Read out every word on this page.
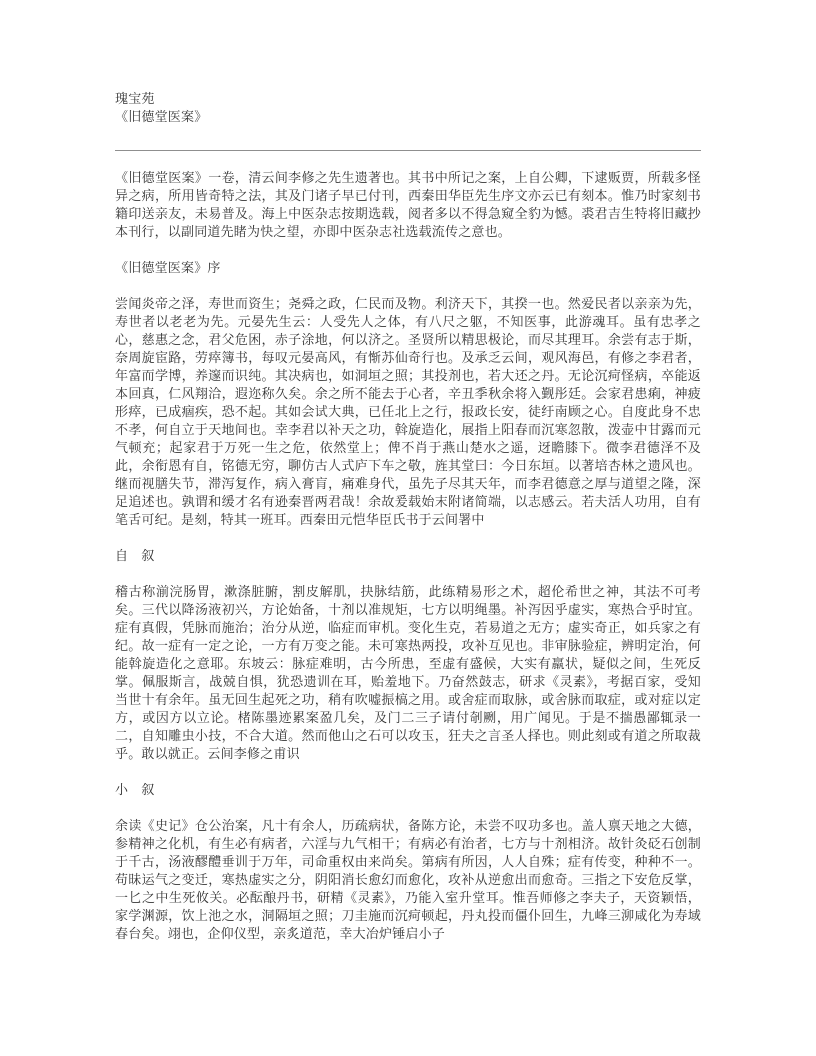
瑰宝苑
《旧德堂医案》
《旧德堂医案》一卷，清云间李修之先生遗著也。其书中所记之案，上自公卿，下逮贩贾，所载多怪异之病，所用皆奇特之法，其及门诸子早已付刊，西秦田华臣先生序文亦云已有刻本。惟乃时家刻书籍印送亲友，未易普及。海上中医杂志按期选载，阅者多以不得急窥全豹为憾。裘君吉生特将旧藏抄本刊行，以副同道先睹为快之望，亦即中医杂志社选载流传之意也。
《旧德堂医案》序
尝闻炎帝之泽，寿世而资生；尧舜之政，仁民而及物。利济天下，其揆一也。然爱民者以亲亲为先，寿世者以老老为先。元晏先生云：人受先人之体，有八尺之躯，不知医事，此游魂耳。虽有忠孝之心，慈惠之念，君父危困，赤子涂地，何以济之。圣贤所以精思极论，而尽其理耳。余尝有志于斯，奈周旋宦路，劳瘁簿书，每叹元晏高风，有惭苏仙奇行也。及承乏云间，观风海邑，有修之李君者，年富而学博，养邃而识纯。其决病也，如洞垣之照；其投剂也，若大还之丹。无论沉疴怪病，卒能返本回真，仁风翔洽，遐迩称久矣。余之所不能去于心者，辛丑季秋余将入觐彤廷。会家君患痢，神疲形瘁，已成痼疾，恐不起。其如会试大典，已任北上之行，报政长安，徒纡南顾之心。自度此身不忠不孝，何自立于天地间也。幸李君以补天之功，斡旋造化，展指上阳春而沉寒忽散，泼壶中甘露而元气顿充；起家君于万死一生之危，依然堂上；俾不肖于燕山楚水之遥，迓瞻膝下。微李君德泽不及此，余衔恩有自，铭德无穷，聊仿古人式庐下车之敬，旌其堂曰：今日东垣。以著培杏林之遗风也。继而视膳失节，滞泻复作，病入膏肓，痛难身代，虽先子尽其天年，而李君德意之厚与道望之隆，深足追述也。孰谓和缓才名有逊秦晋两君哉！余故爰载始末附诸简端，以志感云。若夫活人功用，自有笔舌可纪。是刻，特其一班耳。西秦田元恺华臣氏书于云间署中
自　叙
稽古称湔浣肠胃，漱涤脏腑，割皮解肌，抉脉结筋，此练精易形之术，超伦希世之神，其法不可考矣。三代以降汤液初兴，方论始备，十剂以准规矩，七方以明绳墨。补泻因乎虚实，寒热合乎时宜。症有真假，凭脉而施治；治分从逆，临症而审机。变化生克，若易道之无方；虚实奇正，如兵家之有纪。故一症有一定之论，一方有万变之能。未可寒热两投，攻补互见也。非审脉验症，辨明定治，何能斡旋造化之意耶。东坡云：脉症难明，古今所患，至虚有盛候，大实有羸状，疑似之间，生死反掌。佩服斯言，战兢自惧，犹恐遗训在耳，贻羞地下。乃奋然鼓志，研求《灵素》，考据百家，受知当世十有余年。虽无回生起死之功，稍有吹嘘振槁之用。或舍症而取脉，或舍脉而取症，或对症以定方，或因方以立论。楮陈墨迹累案盈几矣，及门二三子请付剞劂，用广闻见。于是不揣愚鄙辄录一二，自知雕虫小技，不合大道。然而他山之石可以攻玉，狂夫之言圣人择也。则此刻或有道之所取裁乎。敢以就正。云间李修之甫识
小　叙
余读《史记》仓公治案，凡十有余人，历疏病状，备陈方论，未尝不叹功多也。盖人禀天地之大德，参精神之化机，有生必有病者，六淫与九气相干；有病必有治者，七方与十剂相济。故针灸砭石创制于千古，汤液醪醴垂训于万年，司命重权由来尚矣。第病有所因，人人自殊；症有传变，种种不一。苟昧运气之变迁，寒热虚实之分，阴阳消长愈幻而愈化，攻补从逆愈出而愈奇。三指之下安危反掌，一匕之中生死攸关。必酝酿丹书，研精《灵素》，乃能入室升堂耳。惟吾师修之李夫子，天资颖悟，家学渊源，饮上池之水，洞隔垣之照；刀圭施而沉疴顿起，丹丸投而僵仆回生，九峰三泖咸化为寿域春台矣。翊也，企仰仪型，亲炙道范，幸大冶炉锤启小子
